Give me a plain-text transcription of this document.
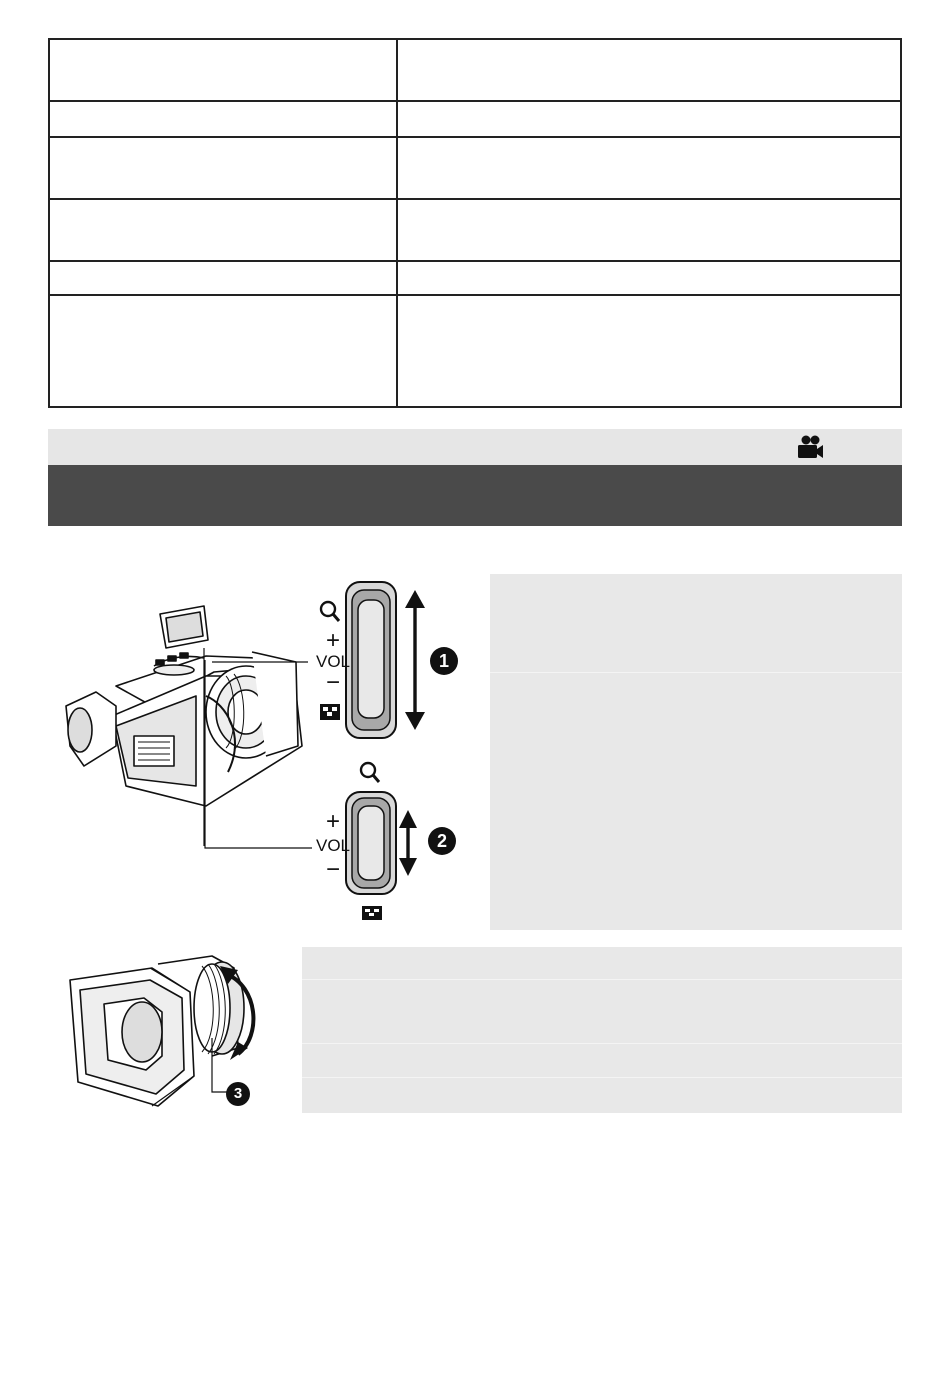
+
VOL
−
1
+
VOL
−
2
3
